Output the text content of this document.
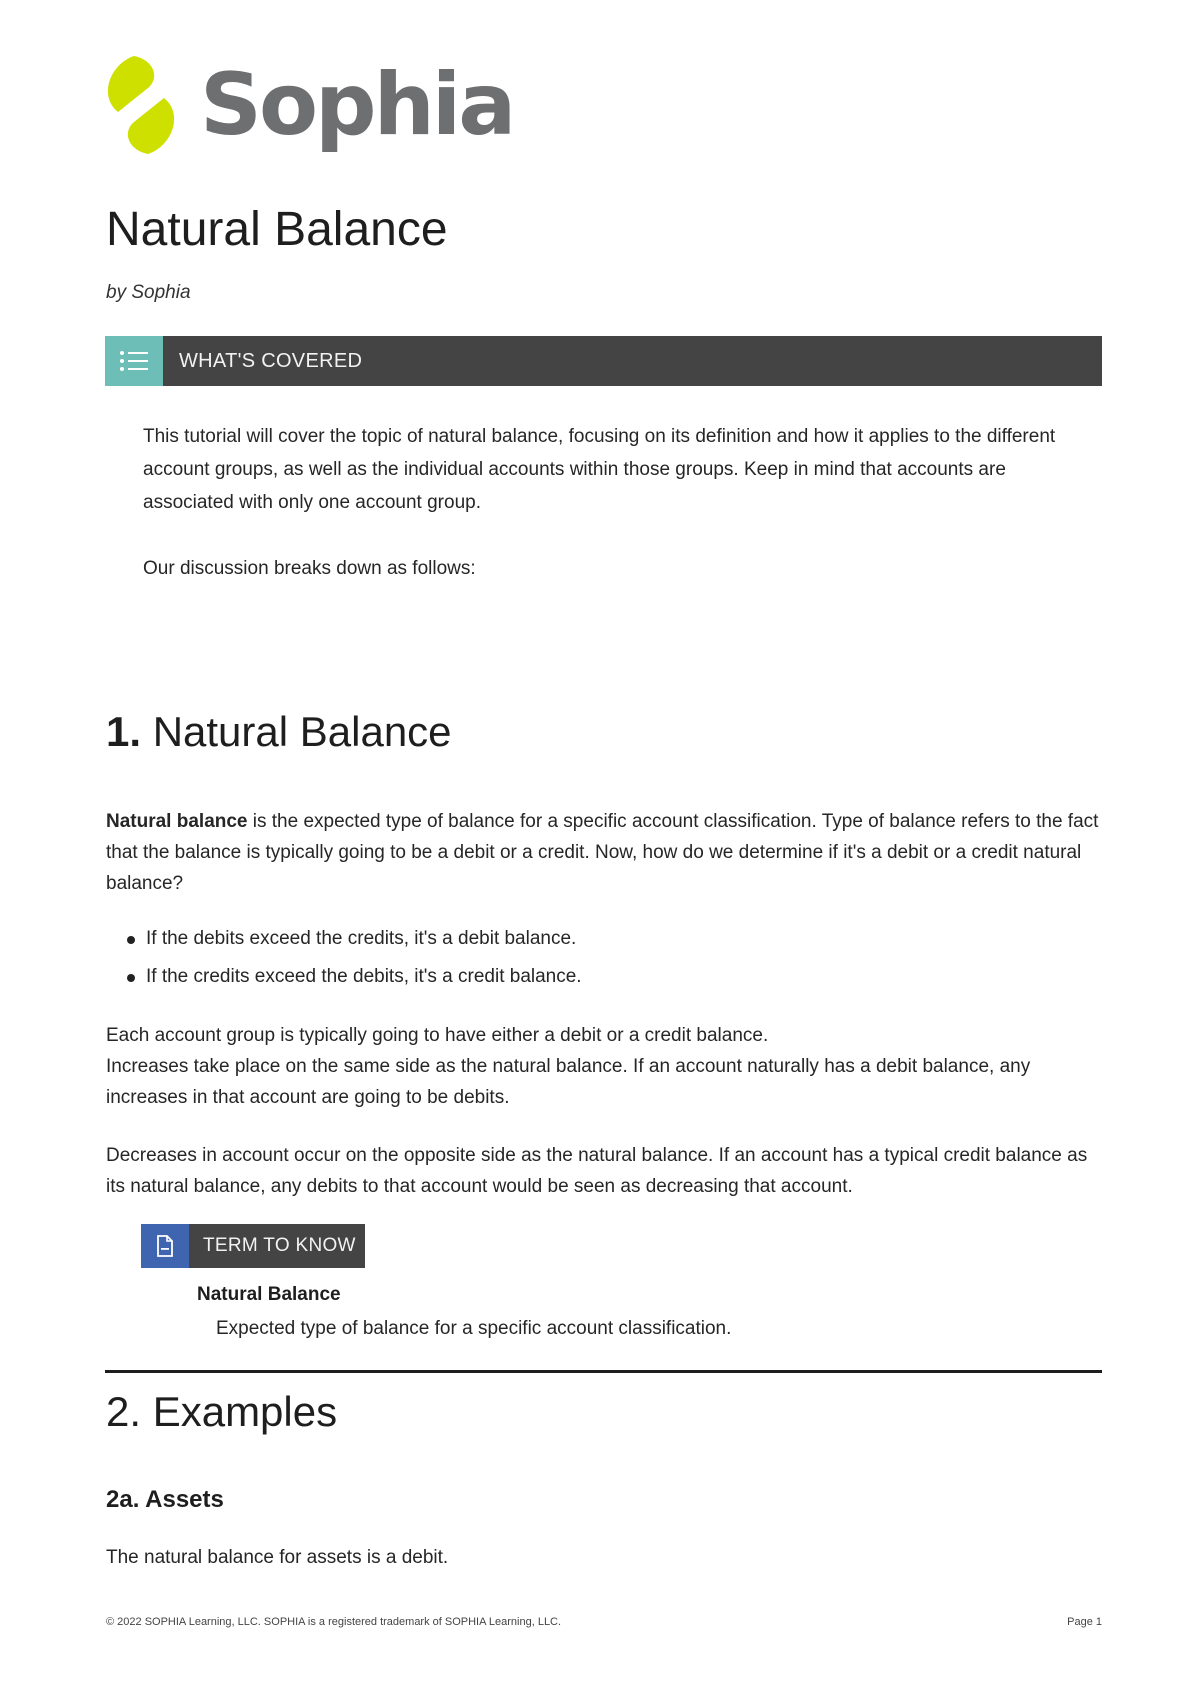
Sophia
Natural Balance
by Sophia
WHAT'S COVERED

This tutorial will cover the topic of natural balance, focusing on its definition and how it applies to the different account groups, as well as the individual accounts within those groups. Keep in mind that accounts are associated with only one account group.

Our discussion breaks down as follows:

1. Natural Balance

Natural balance is the expected type of balance for a specific account classification. Type of balance refers to the fact that the balance is typically going to be a debit or a credit. Now, how do we determine if it's a debit or a credit natural balance?

If the debits exceed the credits, it's a debit balance.
If the credits exceed the debits, it's a credit balance.

Each account group is typically going to have either a debit or a credit balance.

Increases take place on the same side as the natural balance. If an account naturally has a debit balance, any increases in that account are going to be debits.

Decreases in account occur on the opposite side as the natural balance. If an account has a typical credit balance as its natural balance, any debits to that account would be seen as decreasing that account.

TERM TO KNOW
Natural Balance
Expected type of balance for a specific account classification.
2. Examples
2a. Assets

The natural balance for assets is a debit.

© 2022 SOPHIA Learning, LLC. SOPHIA is a registered trademark of SOPHIA Learning, LLC.	Page 1
